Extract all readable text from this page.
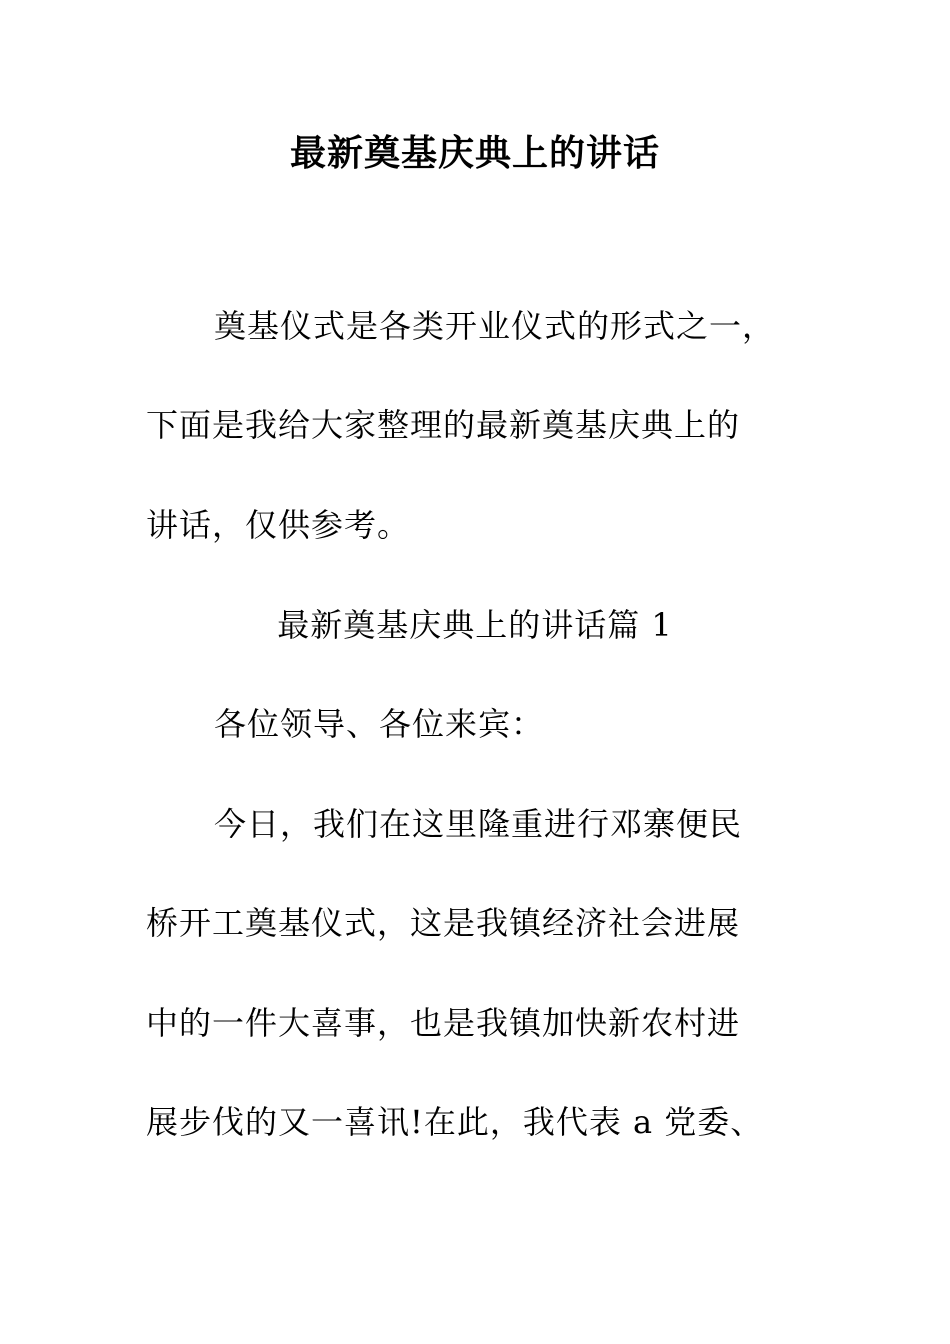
最新奠基庆典上的讲话
奠基仪式是各类开业仪式的形式之一，
下面是我给大家整理的最新奠基庆典上的
讲话，仅供参考。
最新奠基庆典上的讲话篇 1
各位领导、各位来宾：
今日，我们在这里隆重进行邓寨便民
桥开工奠基仪式，这是我镇经济社会进展
中的一件大喜事，也是我镇加快新农村进
展步伐的又一喜讯!在此，我代表 a 党委、
